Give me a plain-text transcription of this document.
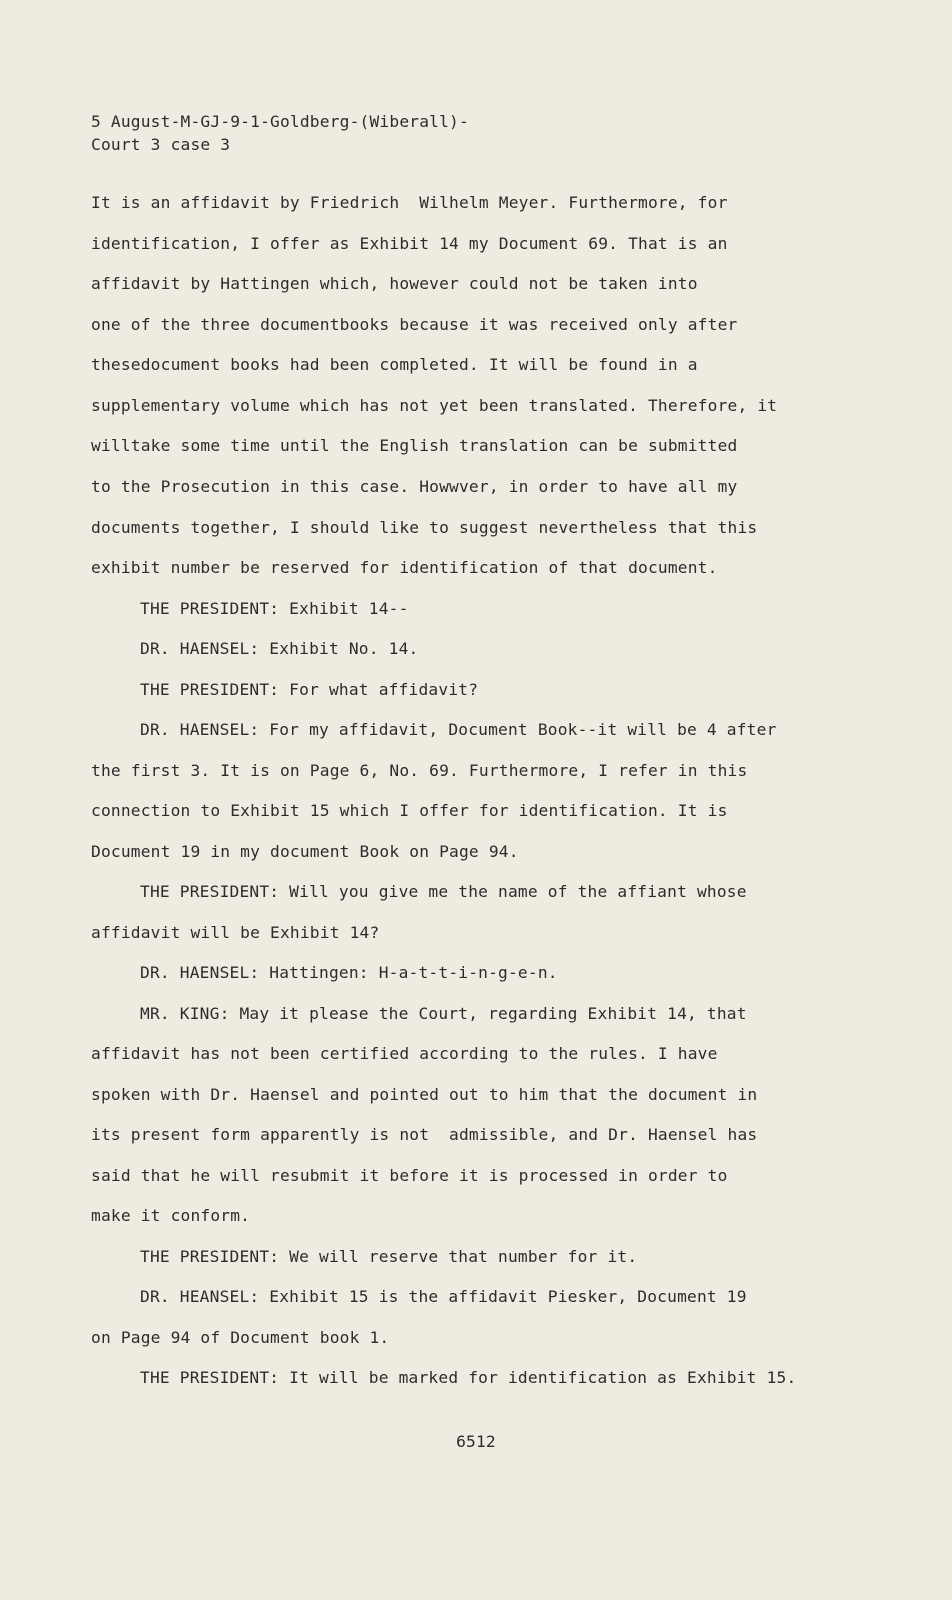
5 August-M-GJ-9-1-Goldberg-(Wiberall)-
Court 3 case 3
It is an affidavit by Friedrich  Wilhelm Meyer. Furthermore, for
identification, I offer as Exhibit 14 my Document 69. That is an
affidavit by Hattingen which, however could not be taken into
one of the three documentbooks because it was received only after
thesedocument books had been completed. It will be found in a
supplementary volume which has not yet been translated. Therefore, it
willtake some time until the English translation can be submitted
to the Prosecution in this case. Howwver, in order to have all my
documents together, I should like to suggest nevertheless that this
exhibit number be reserved for identification of that document.
THE PRESIDENT: Exhibit 14--
DR. HAENSEL: Exhibit No. 14.
THE PRESIDENT: For what affidavit?
DR. HAENSEL: For my affidavit, Document Book--it will be 4 after
the first 3. It is on Page 6, No. 69. Furthermore, I refer in this
connection to Exhibit 15 which I offer for identification. It is
Document 19 in my document Book on Page 94.
THE PRESIDENT: Will you give me the name of the affiant whose
affidavit will be Exhibit 14?
DR. HAENSEL: Hattingen: H-a-t-t-i-n-g-e-n.
MR. KING: May it please the Court, regarding Exhibit 14, that
affidavit has not been certified according to the rules. I have
spoken with Dr. Haensel and pointed out to him that the document in
its present form apparently is not  admissible, and Dr. Haensel has
said that he will resubmit it before it is processed in order to
make it conform.
THE PRESIDENT: We will reserve that number for it.
DR. HEANSEL: Exhibit 15 is the affidavit Piesker, Document 19
on Page 94 of Document book 1.
THE PRESIDENT: It will be marked for identification as Exhibit 15.
6512
